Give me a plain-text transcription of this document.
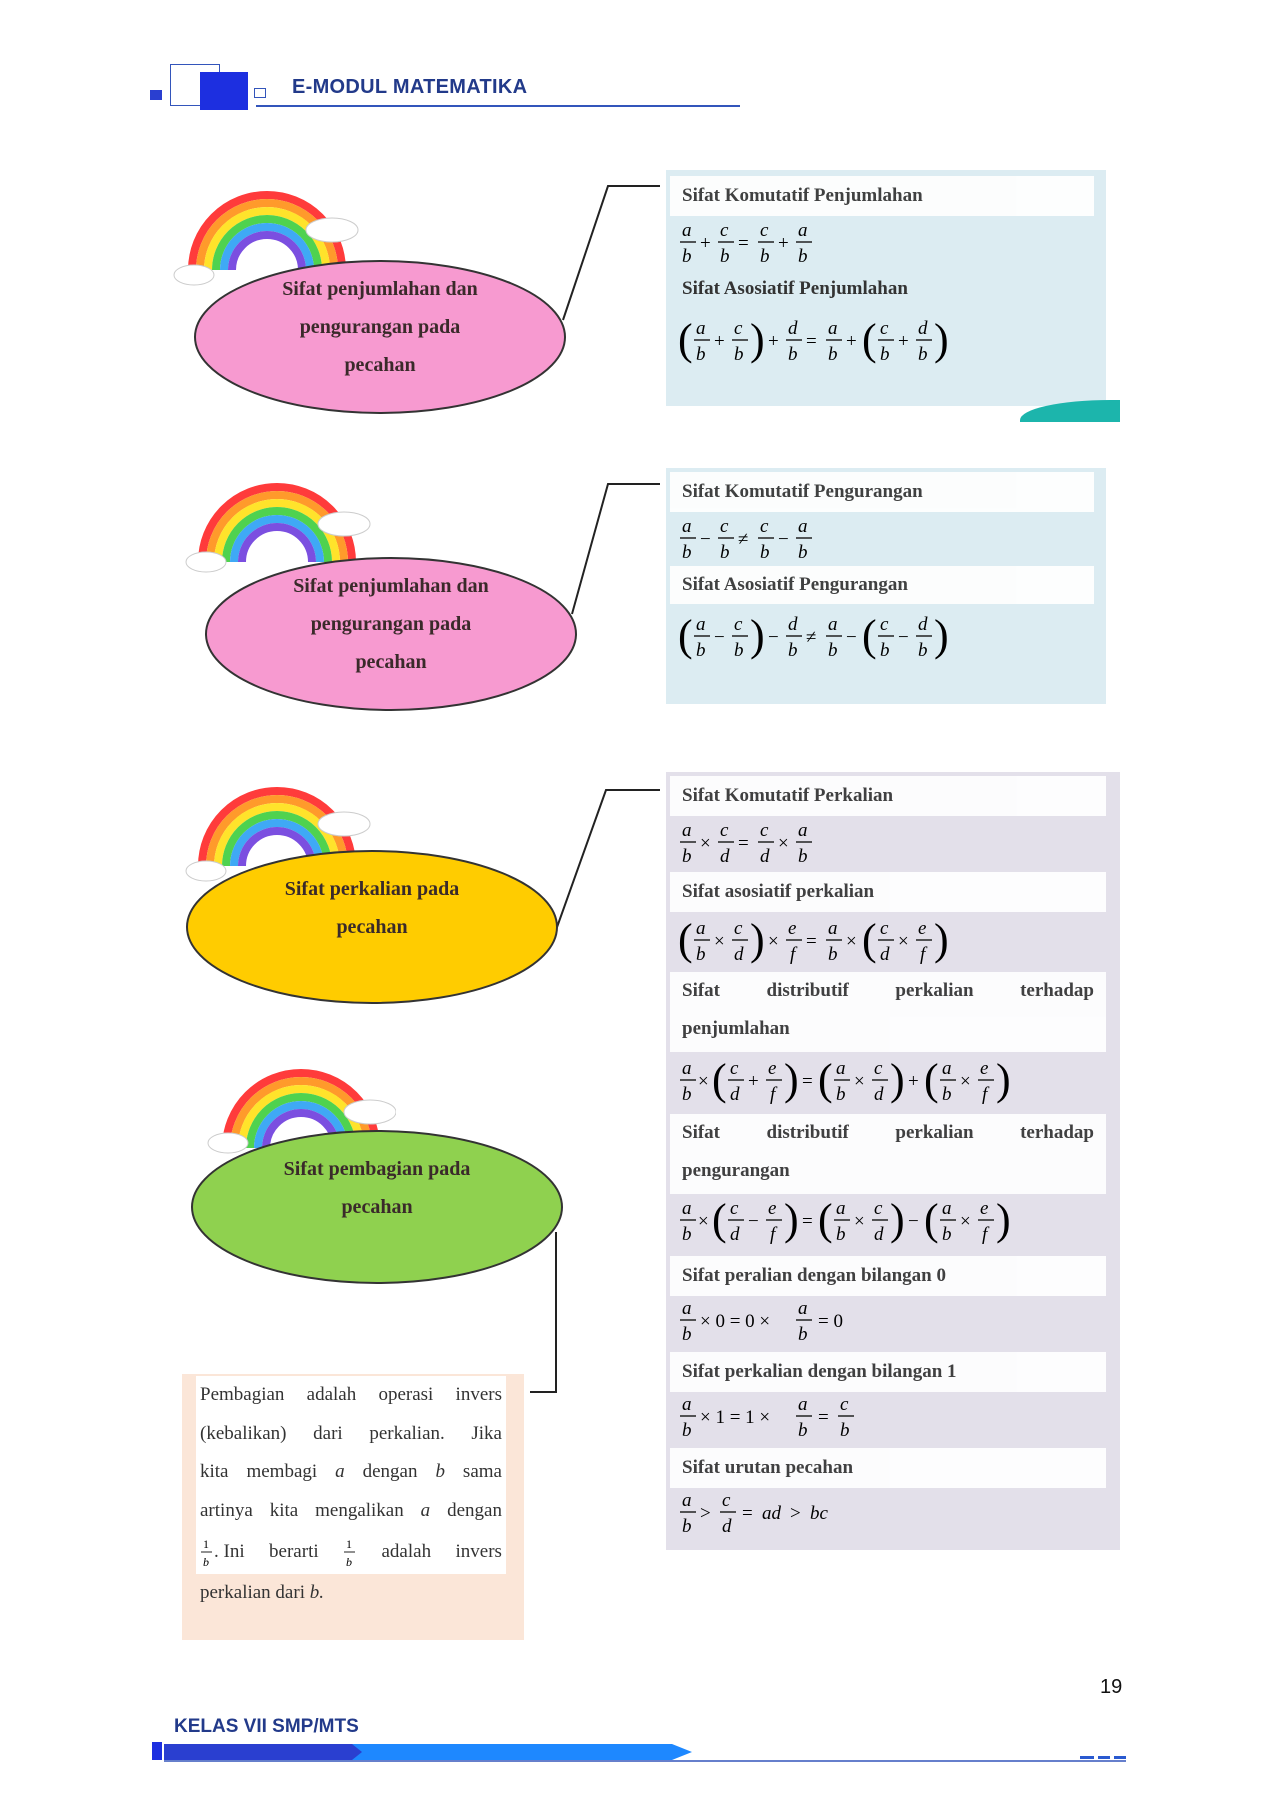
E-MODUL MATEMATIKA
Sifat penjumlahan dan
pengurangan pada
pecahan
Sifat penjumlahan dan
pengurangan pada
pecahan
Sifat perkalian pada
pecahan
Sifat pembagian pada
pecahan
Sifat Komutatif Penjumlahan
a
b
+
c
b
=
c
b
+
a
b
Sifat Asosiatif Penjumlahan
( a
b
+
c
b ) +
d
b
=
a
b
+ ( c
b
+
d
b )
Sifat Komutatif Pengurangan
a
b
−
c
b
≠
c
b
−
a
b
Sifat Asosiatif Pengurangan
( a
b
−
c
b ) −
d
b
≠
a
b
− ( c
b
−
d
b )
Sifat Komutatif Perkalian
a
b
×
c
d
=
c
d
×
a
b
Sifat asosiatif perkalian
( a
b
×
c
d ) ×
e
f
=
a
b
× ( c
d
×
e
f )
Sifat distributif perkalian terhadap
penjumlahan
a
b
× ( c
d
+
e
f ) = ( a
b
×
c
d ) + ( a
b
×
e
f )
Sifat distributif perkalian terhadap
pengurangan
a
b
× ( c
d
−
e
f ) = ( a
b
×
c
d ) − ( a
b
×
e
f )
Sifat peralian dengan bilangan 0
a
b
× 0 = 0 ×
a
b
= 0
Sifat perkalian dengan bilangan 1
a
b
× 1 = 1 ×
a
b
=
c
b
Sifat urutan pecahan
a
b
>
c
d
= ad > bc
Pembagian adalah operasi invers
(kebalikan) dari perkalian. Jika
kita membagi a dengan b sama
artinya kita mengalikan a dengan
1
b
. Ini berarti 1
b
adalah invers
perkalian dari b.
19
KELAS VII SMP/MTS
